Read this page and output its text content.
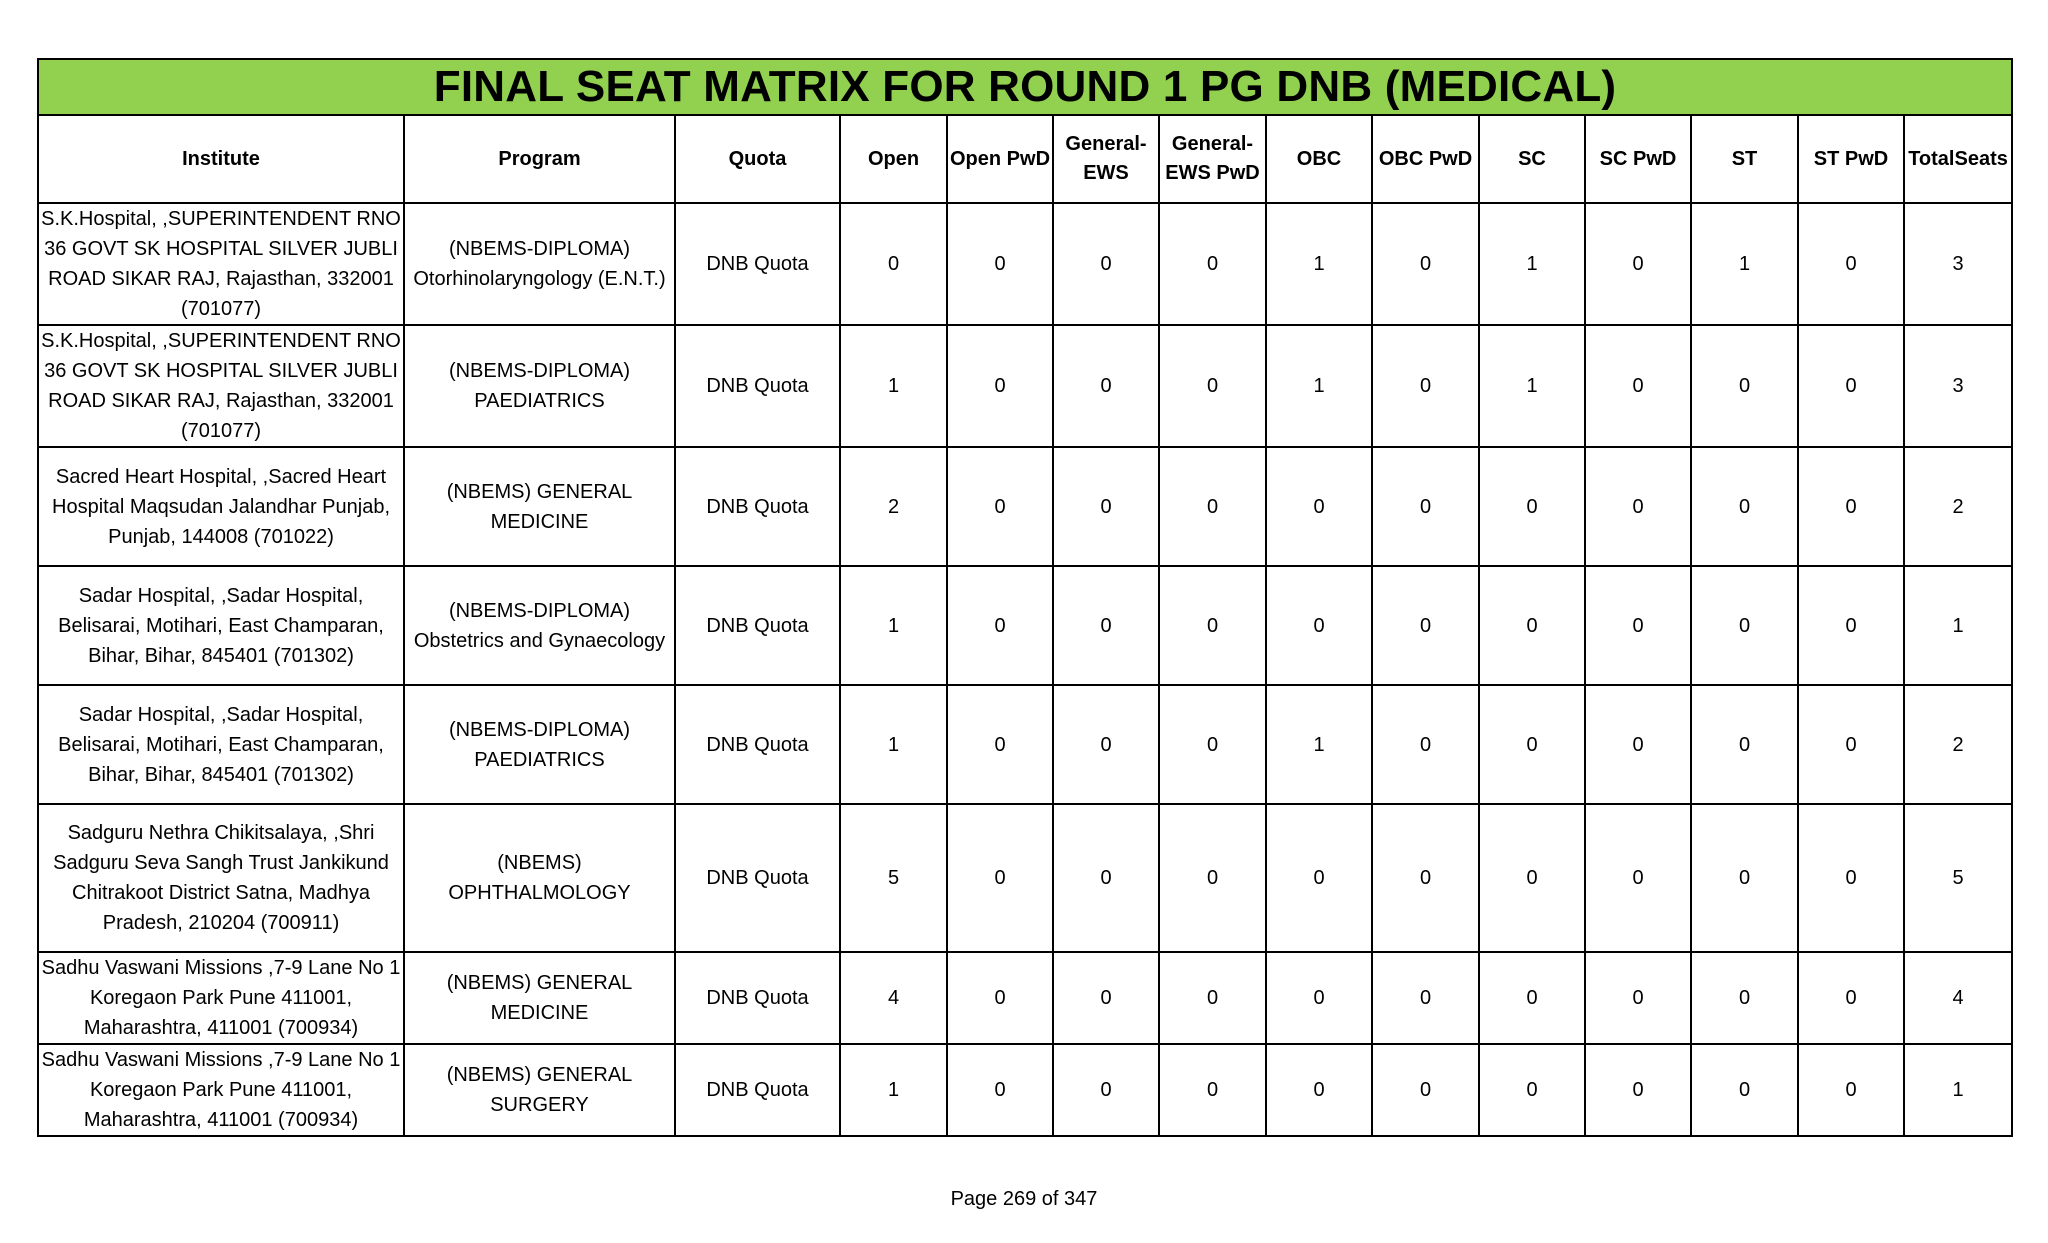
FINAL SEAT MATRIX FOR ROUND 1 PG DNB (MEDICAL)													
Institute	Program	Quota	Open	Open PwD	General-EWS	General-EWS PwD	OBC	OBC PwD	SC	SC PwD	ST	ST PwD	TotalSeats
S.K.Hospital, ,SUPERINTENDENT RNO 36 GOVT SK HOSPITAL SILVER JUBLI ROAD SIKAR RAJ, Rajasthan, 332001 (701077)	(NBEMS-DIPLOMA) Otorhinolaryngology (E.N.T.)	DNB Quota	0	0	0	0	1	0	1	0	1	0	3
S.K.Hospital, ,SUPERINTENDENT RNO 36 GOVT SK HOSPITAL SILVER JUBLI ROAD SIKAR RAJ, Rajasthan, 332001 (701077)	(NBEMS-DIPLOMA) PAEDIATRICS	DNB Quota	1	0	0	0	1	0	1	0	0	0	3
Sacred Heart Hospital, ,Sacred Heart Hospital Maqsudan Jalandhar Punjab, Punjab, 144008 (701022)	(NBEMS) GENERAL MEDICINE	DNB Quota	2	0	0	0	0	0	0	0	0	0	2
Sadar Hospital, ,Sadar Hospital, Belisarai, Motihari, East Champaran, Bihar, Bihar, 845401 (701302)	(NBEMS-DIPLOMA) Obstetrics and Gynaecology	DNB Quota	1	0	0	0	0	0	0	0	0	0	1
Sadar Hospital, ,Sadar Hospital, Belisarai, Motihari, East Champaran, Bihar, Bihar, 845401 (701302)	(NBEMS-DIPLOMA) PAEDIATRICS	DNB Quota	1	0	0	0	1	0	0	0	0	0	2
Sadguru Nethra Chikitsalaya, ,Shri Sadguru Seva Sangh Trust Jankikund Chitrakoot District Satna, Madhya Pradesh, 210204 (700911)	(NBEMS) OPHTHALMOLOGY	DNB Quota	5	0	0	0	0	0	0	0	0	0	5
Sadhu Vaswani Missions ,7-9 Lane No 1 Koregaon Park Pune 411001, Maharashtra, 411001 (700934)	(NBEMS) GENERAL MEDICINE	DNB Quota	4	0	0	0	0	0	0	0	0	0	4
Sadhu Vaswani Missions ,7-9 Lane No 1 Koregaon Park Pune 411001, Maharashtra, 411001 (700934)	(NBEMS) GENERAL SURGERY	DNB Quota	1	0	0	0	0	0	0	0	0	0	1
Page 269 of 347
